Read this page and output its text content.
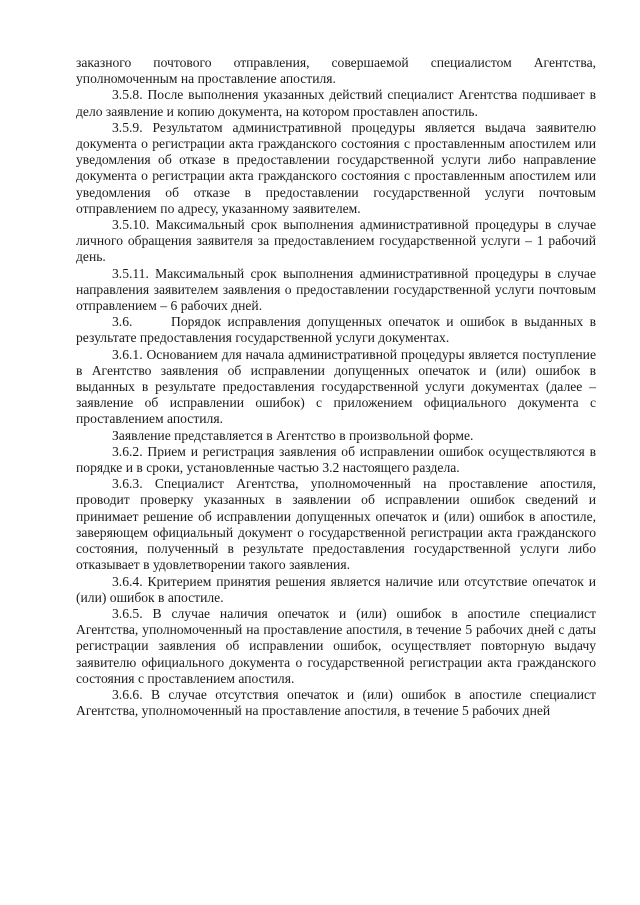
заказного почтового отправления, совершаемой специалистом Агентства, уполномоченным на проставление апостиля.

3.5.8. После выполнения указанных действий специалист Агентства подшивает в дело заявление и копию документа, на котором проставлен апостиль.

3.5.9. Результатом административной процедуры является выдача заявителю документа о регистрации акта гражданского состояния с проставленным апостилем или уведомления об отказе в предоставлении государственной услуги либо направление документа о регистрации акта гражданского состояния с проставленным апостилем или уведомления об отказе в предоставлении государственной услуги почтовым отправлением по адресу, указанному заявителем.

3.5.10. Максимальный срок выполнения административной процедуры в случае личного обращения заявителя за предоставлением государственной услуги – 1 рабочий день.

3.5.11. Максимальный срок выполнения административной процедуры в случае направления заявителем заявления о предоставлении государственной услуги почтовым отправлением – 6 рабочих дней.

3.6.      Порядок исправления допущенных опечаток и ошибок в выданных в результате предоставления государственной услуги документах.

3.6.1. Основанием для начала административной процедуры является поступление в Агентство заявления об исправлении допущенных опечаток и (или) ошибок в выданных в результате предоставления государственной услуги документах (далее – заявление об исправлении ошибок) с приложением официального документа с проставлением апостиля.

Заявление представляется в Агентство в произвольной форме.

3.6.2. Прием и регистрация заявления об исправлении ошибок осуществляются в порядке и в сроки, установленные частью 3.2 настоящего раздела.

3.6.3. Специалист Агентства, уполномоченный на проставление апостиля, проводит проверку указанных в заявлении об исправлении ошибок сведений и принимает решение об исправлении допущенных опечаток и (или) ошибок в апостиле, заверяющем официальный документ о государственной регистрации акта гражданского состояния, полученный в результате предоставления государственной услуги либо отказывает в удовлетворении такого заявления.

3.6.4. Критерием принятия решения является наличие или отсутствие опечаток и (или) ошибок в апостиле.

3.6.5. В случае наличия опечаток и (или) ошибок в апостиле специалист Агентства, уполномоченный на проставление апостиля, в течение 5 рабочих дней с даты регистрации заявления об исправлении ошибок, осуществляет повторную выдачу заявителю официального документа о государственной регистрации акта гражданского состояния с проставлением апостиля.

3.6.6. В случае отсутствия опечаток и (или) ошибок в апостиле специалист Агентства, уполномоченный на проставление апостиля, в течение 5 рабочих дней
